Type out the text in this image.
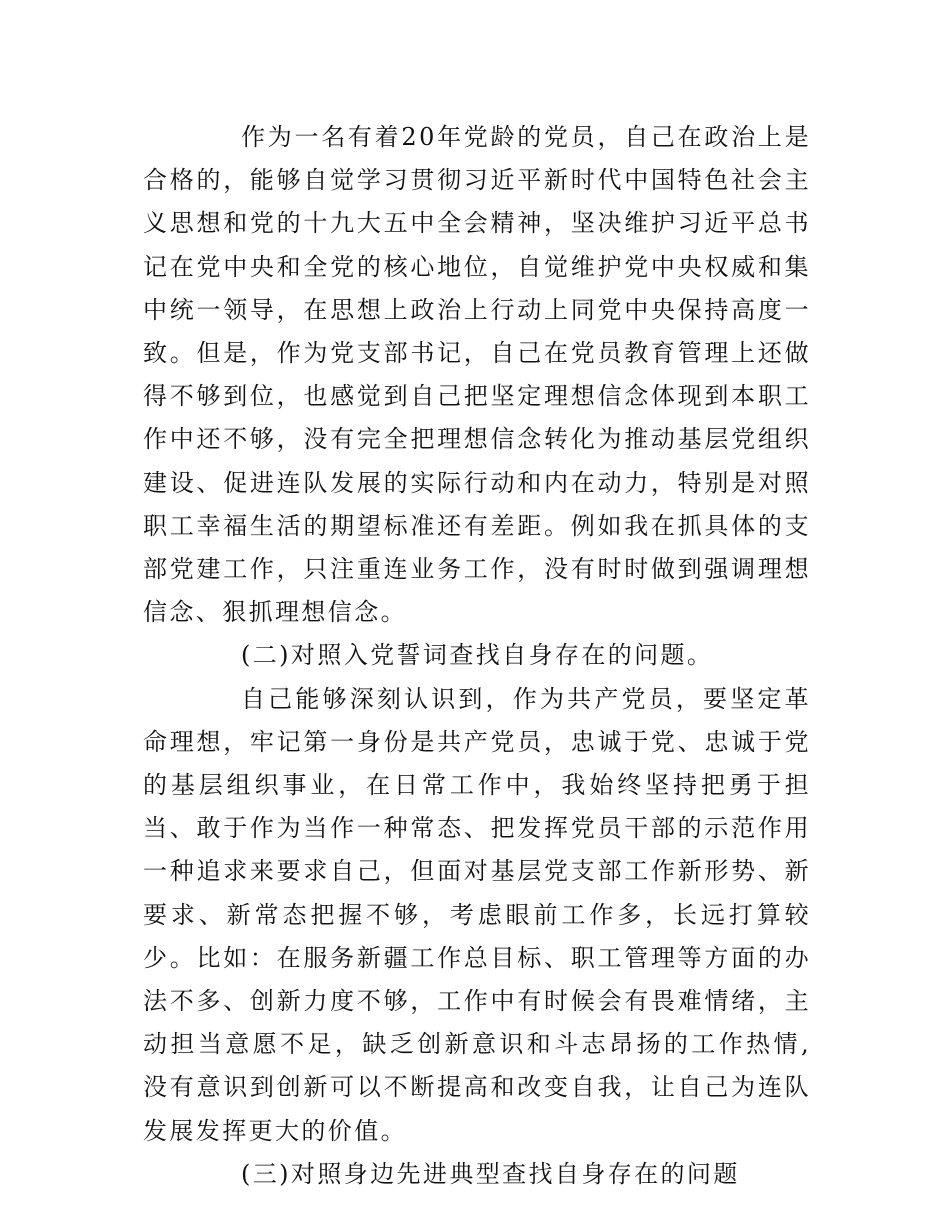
作为一名有着20年党龄的党员，自己在政治上是合格的，能够自觉学习贯彻习近平新时代中国特色社会主义思想和党的十九大五中全会精神，坚决维护习近平总书记在党中央和全党的核心地位，自觉维护党中央权威和集中统一领导，在思想上政治上行动上同党中央保持高度一致。但是，作为党支部书记，自己在党员教育管理上还做得不够到位，也感觉到自己把坚定理想信念体现到本职工作中还不够，没有完全把理想信念转化为推动基层党组织建设、促进连队发展的实际行动和内在动力，特别是对照职工幸福生活的期望标准还有差距。例如我在抓具体的支部党建工作，只注重连业务工作，没有时时做到强调理想信念、狠抓理想信念。

(二)对照入党誓词查找自身存在的问题。

自己能够深刻认识到，作为共产党员，要坚定革命理想，牢记第一身份是共产党员，忠诚于党、忠诚于党的基层组织事业，在日常工作中，我始终坚持把勇于担当、敢于作为当作一种常态、把发挥党员干部的示范作用一种追求来要求自己，但面对基层党支部工作新形势、新要求、新常态把握不够，考虑眼前工作多，长远打算较少。比如：在服务新疆工作总目标、职工管理等方面的办法不多、创新力度不够，工作中有时候会有畏难情绪，主动担当意愿不足，缺乏创新意识和斗志昂扬的工作热情,没有意识到创新可以不断提高和改变自我，让自己为连队发展发挥更大的价值。

(三)对照身边先进典型查找自身存在的问题
